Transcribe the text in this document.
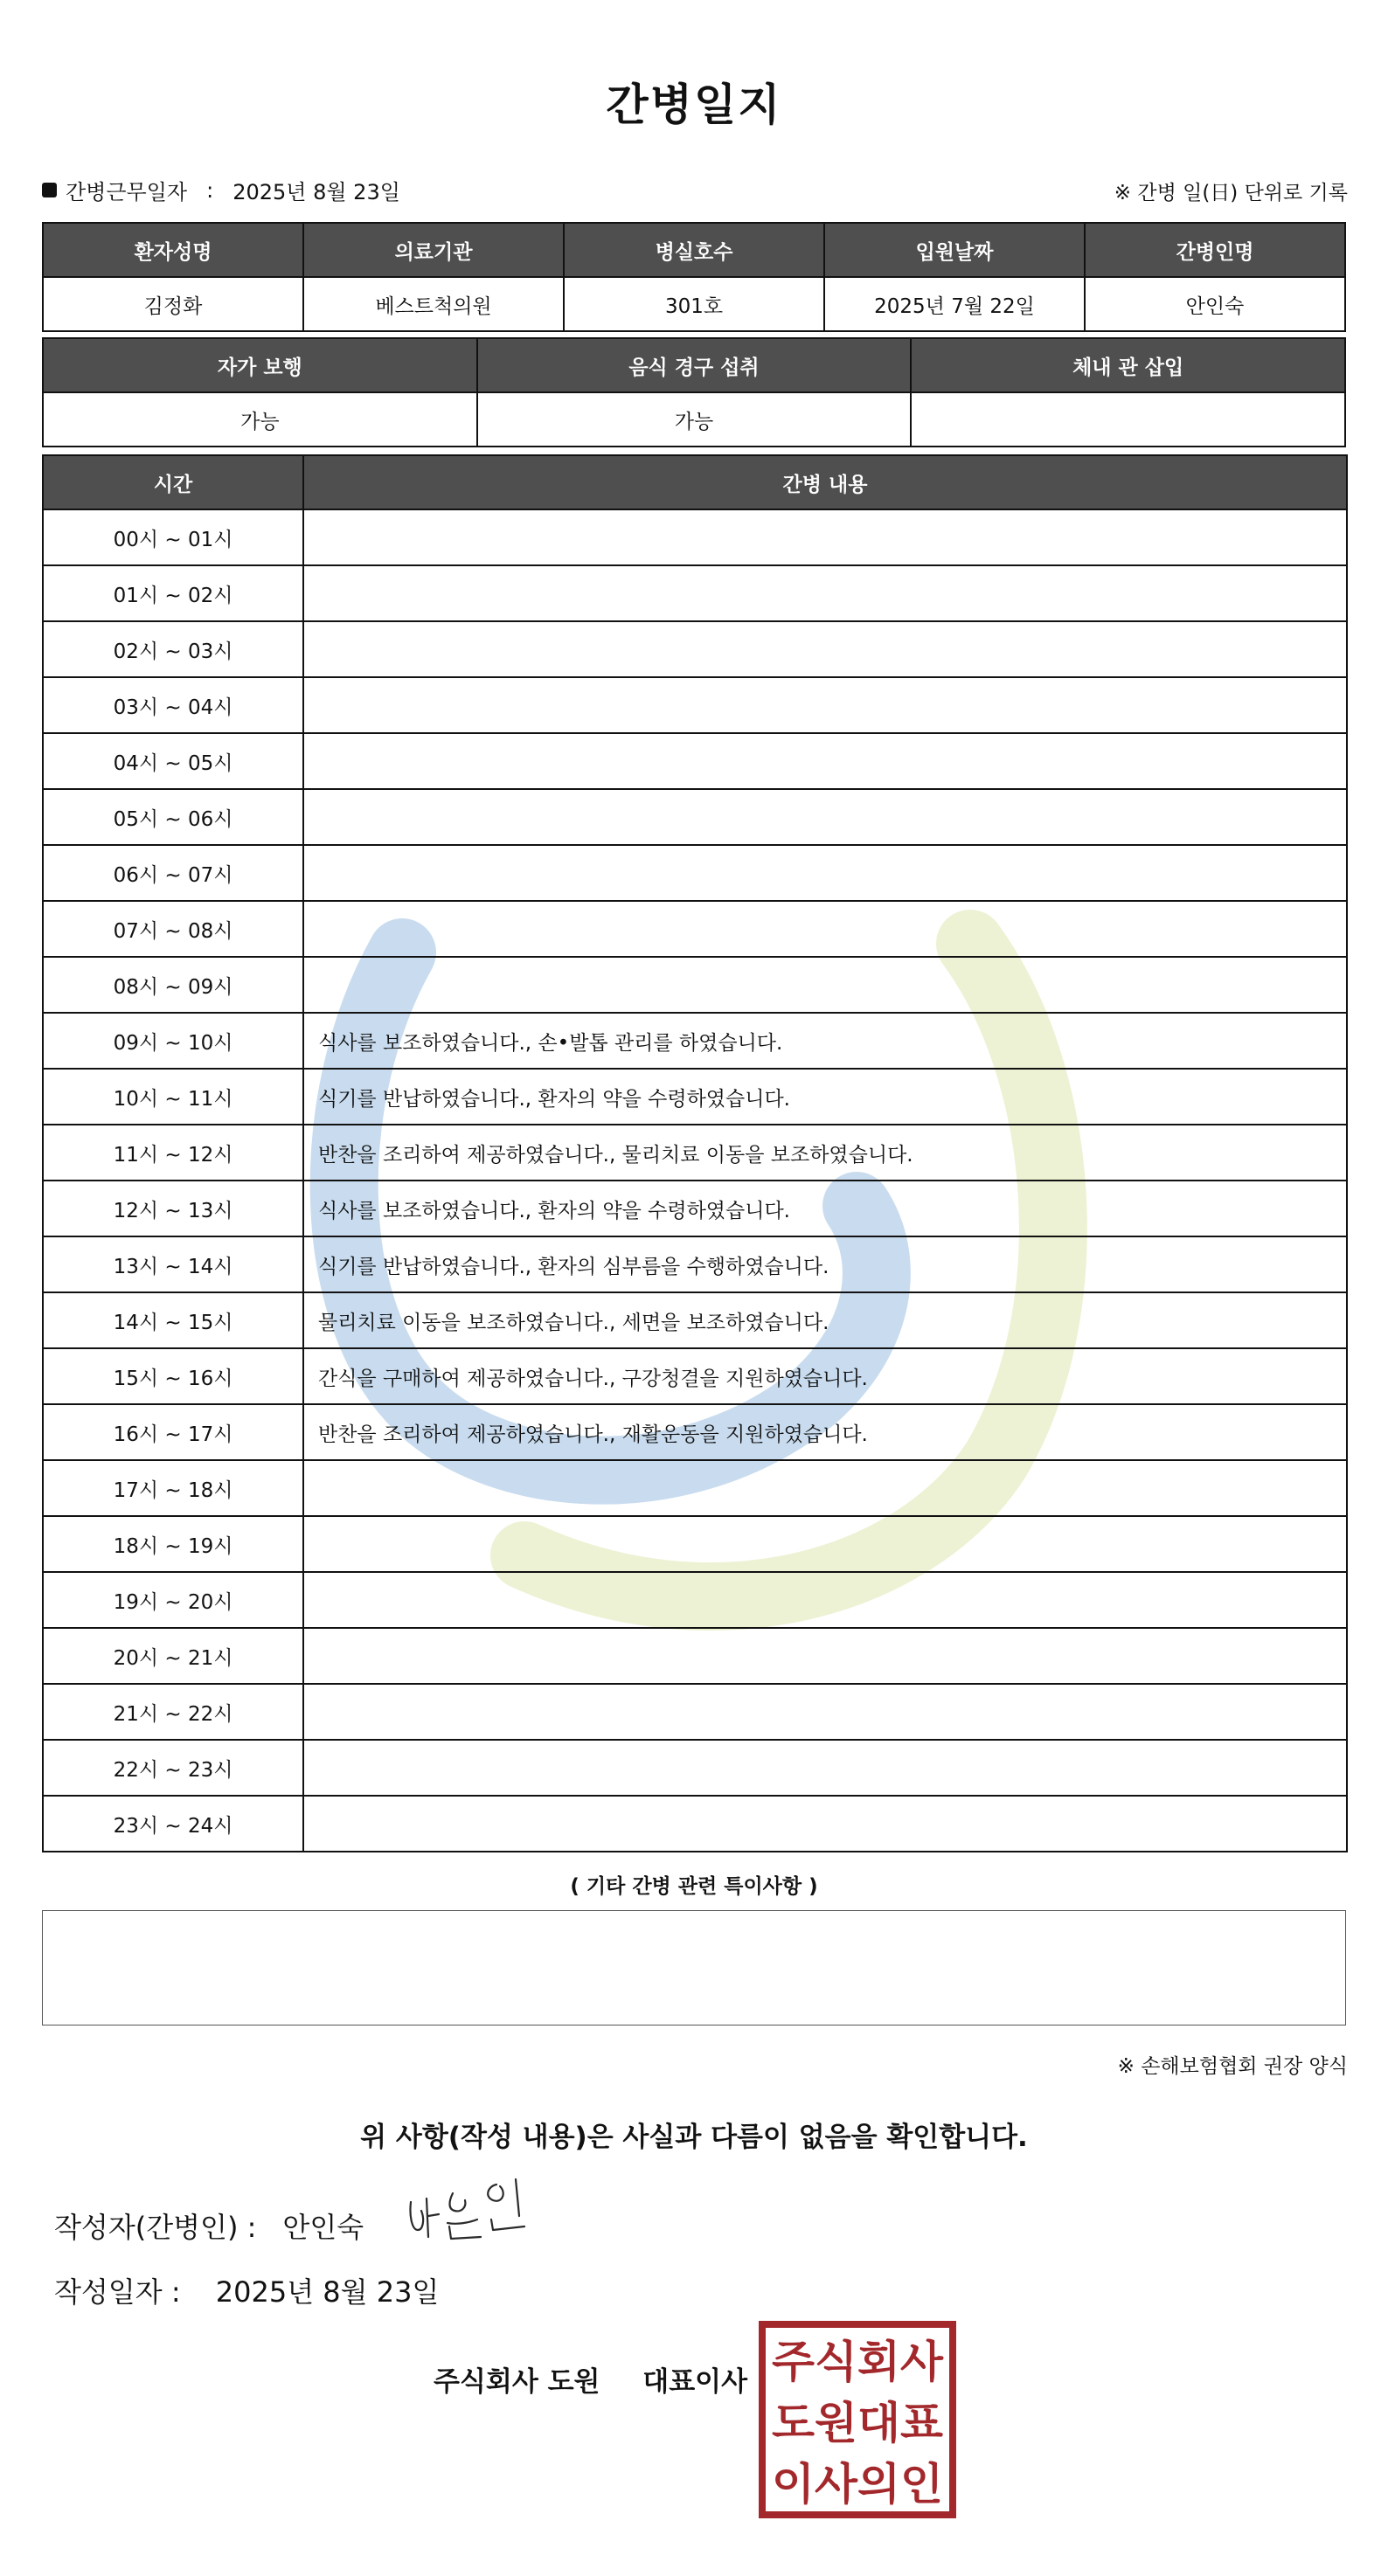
간병일지
간병근무일자 : 2025년 8월 23일	※ 간병 일(日) 단위로 기록
환자성명	의료기관	병실호수	입원날짜	간병인명
김정화	베스트척의원	301호	2025년 7월 22일	안인숙
자가 보행	음식 경구 섭취	체내 관 삽입
가능	가능	
시간	간병 내용
00시 ~ 01시	
01시 ~ 02시	
02시 ~ 03시	
03시 ~ 04시	
04시 ~ 05시	
05시 ~ 06시	
06시 ~ 07시	
07시 ~ 08시	
08시 ~ 09시	
09시 ~ 10시	식사를 보조하였습니다., 손•발톱 관리를 하였습니다.
10시 ~ 11시	식기를 반납하였습니다., 환자의 약을 수령하였습니다.
11시 ~ 12시	반찬을 조리하여 제공하였습니다., 물리치료 이동을 보조하였습니다.
12시 ~ 13시	식사를 보조하였습니다., 환자의 약을 수령하였습니다.
13시 ~ 14시	식기를 반납하였습니다., 환자의 심부름을 수행하였습니다.
14시 ~ 15시	물리치료 이동을 보조하였습니다., 세면을 보조하였습니다.
15시 ~ 16시	간식을 구매하여 제공하였습니다., 구강청결을 지원하였습니다.
16시 ~ 17시	반찬을 조리하여 제공하였습니다., 재활운동을 지원하였습니다.
17시 ~ 18시	
18시 ~ 19시	
19시 ~ 20시	
20시 ~ 21시	
21시 ~ 22시	
22시 ~ 23시	
23시 ~ 24시	
( 기타 간병 관련 특이사항 )
※ 손해보험협회 권장 양식
위 사항(작성 내용)은 사실과 다름이 없음을 확인합니다.
작성자(간병인) : 안인숙
작성일자 : 2025년 8월 23일
주식회사 도원 대표이사 주식회사
도원대표
이사의인
